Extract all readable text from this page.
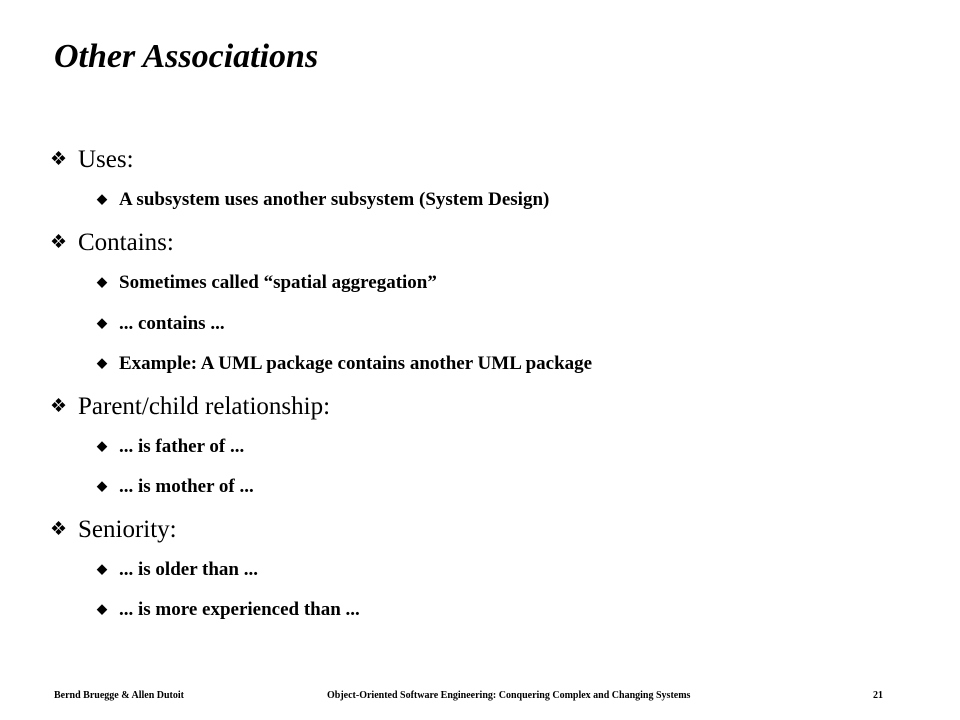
Other Associations
❖ Uses:
◆ A subsystem uses another subsystem (System Design)
❖ Contains:
◆ Sometimes called “spatial aggregation”
◆ ... contains ...
◆ Example: A UML package contains another UML package
❖ Parent/child relationship:
◆ ... is father of ...
◆ ... is mother of ...
❖ Seniority:
◆ ... is older than ...
◆ ... is more experienced than ...
Bernd Bruegge & Allen Dutoit	Object-Oriented Software Engineering: Conquering Complex and Changing Systems	21
